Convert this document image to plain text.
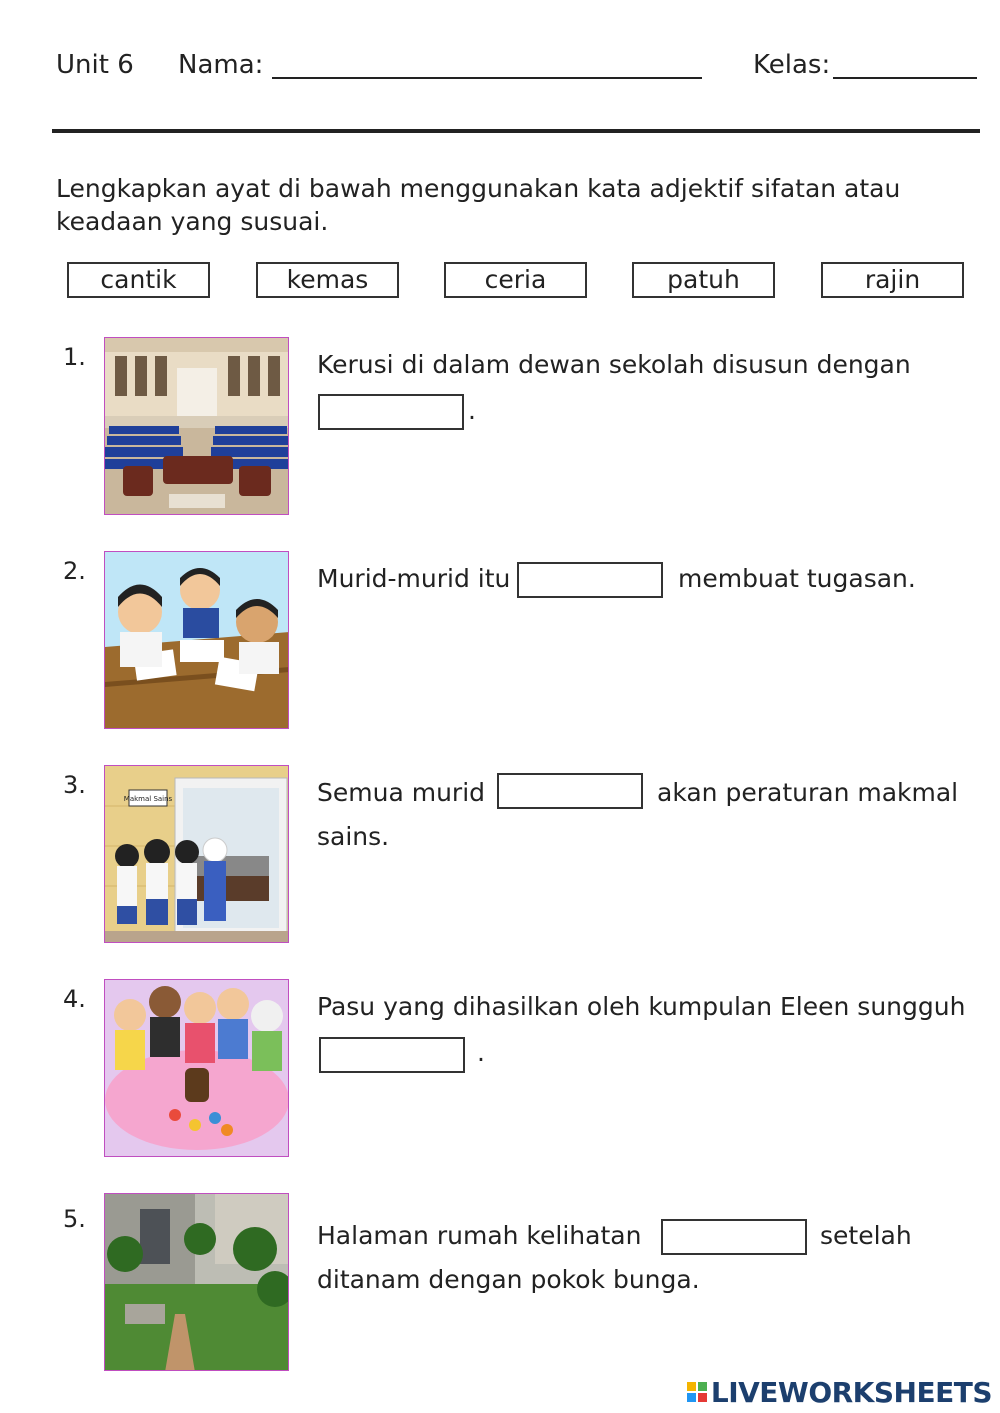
Unit 6 Nama:	Kelas:
Lengkapkan ayat di bawah menggunakan kata adjektif sifatan atau keadaan yang susuai.
cantik	kemas	ceria	patuh	rajin
1.	Kerusi di dalam dewan sekolah disusun dengan
.
2.	Murid-murid itu	membuat tugasan.
3.	Makmal Sains	Semua murid	akan peraturan makmal
sains.
4.	Pasu yang dihasilkan oleh kumpulan Eleen sungguh
.
5.
Halaman rumah kelihatan	setelah
ditanam dengan pokok bunga.
LIVEWORKSHEETS
